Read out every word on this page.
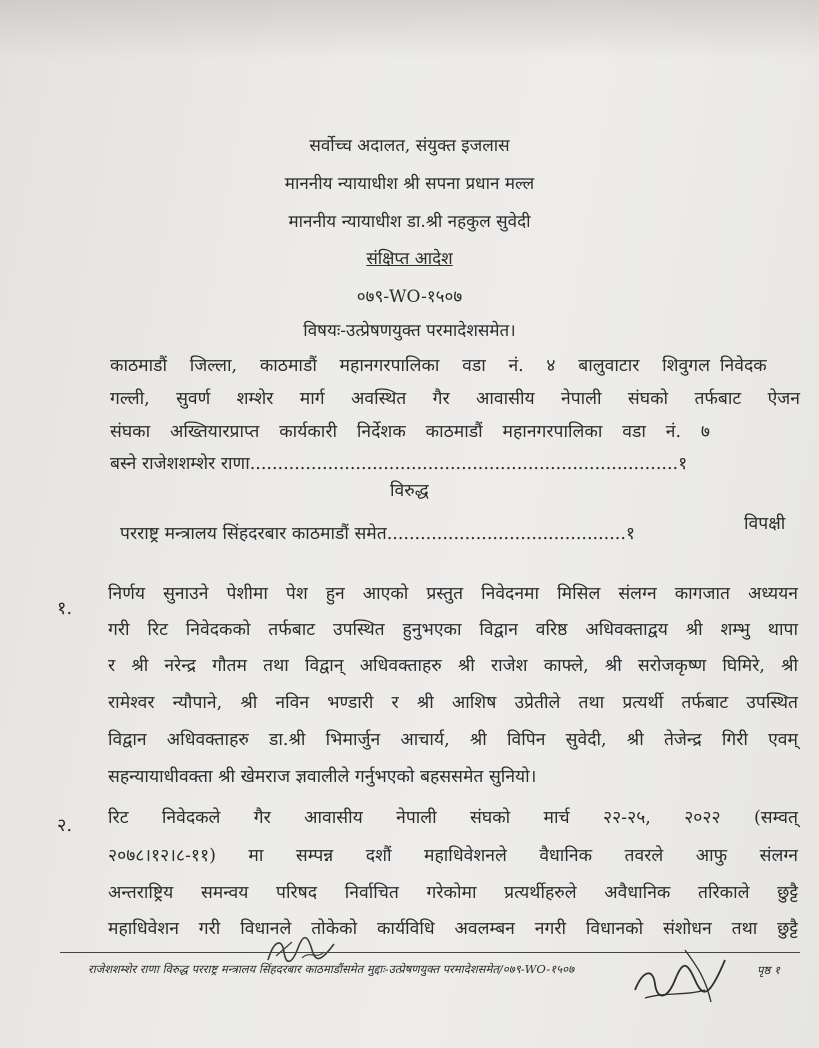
सर्वोच्च अदालत, संयुक्त इजलास
माननीय न्यायाधीश श्री सपना प्रधान मल्ल
माननीय न्यायाधीश डा.श्री नहकुल सुवेदी
संक्षिप्त आदेश
०७९-WO-१५०७
विषयः-उत्प्रेषणयुक्त परमादेशसमेत।
काठमाडौं जिल्ला, काठमाडौं महानगरपालिका वडा नं. ४ बालुवाटार शिवुगल निवेदक
गल्ली, सुवर्ण शम्शेर मार्ग अवस्थित गैर आवासीय नेपाली संघको तर्फबाट ऐजन
संघका अख्तियारप्राप्त कार्यकारी निर्देशक काठमाडौं महानगरपालिका वडा नं. ७
बस्ने राजेशशम्शेर राणा.............................................................................१
विरुद्ध
परराष्ट्र मन्त्रालय सिंहदरबार काठमाडौं समेत...........................................१	विपक्षी
१.
निर्णय सुनाउने पेशीमा पेश हुन आएको प्रस्तुत निवेदनमा मिसिल संलग्न कागजात अध्ययन
गरी रिट निवेदकको तर्फबाट उपस्थित हुनुभएका विद्वान वरिष्ठ अधिवक्ताद्वय श्री शम्भु थापा
र श्री नरेन्द्र गौतम तथा विद्वान् अधिवक्ताहरु श्री राजेश काफ्ले, श्री सरोजकृष्ण घिमिरे, श्री
रामेश्वर न्यौपाने, श्री नविन भण्डारी र श्री आशिष उप्रेतीले तथा प्रत्यर्थी तर्फबाट उपस्थित
विद्वान अधिवक्ताहरु डा.श्री भिमार्जुन आचार्य, श्री विपिन सुवेदी, श्री तेजेन्द्र गिरी एवम्
सहन्यायाधीवक्ता श्री खेमराज ज्ञवालीले गर्नुभएको बहससमेत सुनियो।
२. रिट निवेदकले गैर आवासीय नेपाली संघको मार्च २२-२५, २०२२ (सम्वत्
२०७८।१२।८-११) मा सम्पन्न दशौं महाधिवेशनले वैधानिक तवरले आफु संलग्न
अन्तराष्ट्रिय समन्वय परिषद निर्वाचित गरेकोमा प्रत्यर्थीहरुले अवैधानिक तरिकाले छुट्टै
महाधिवेशन गरी विधानले तोकेको कार्यविधि अवलम्बन नगरी विधानको संशोधन तथा छुट्टै
राजेशशम्शेर राणा विरुद्ध परराष्ट्र मन्त्रालय सिंहदरबार काठमाडौंसमेत मुद्दाः-उत्प्रेषणयुक्त परमादेशसमेत/०७९-WO-१५०७	पृष्ठ १
